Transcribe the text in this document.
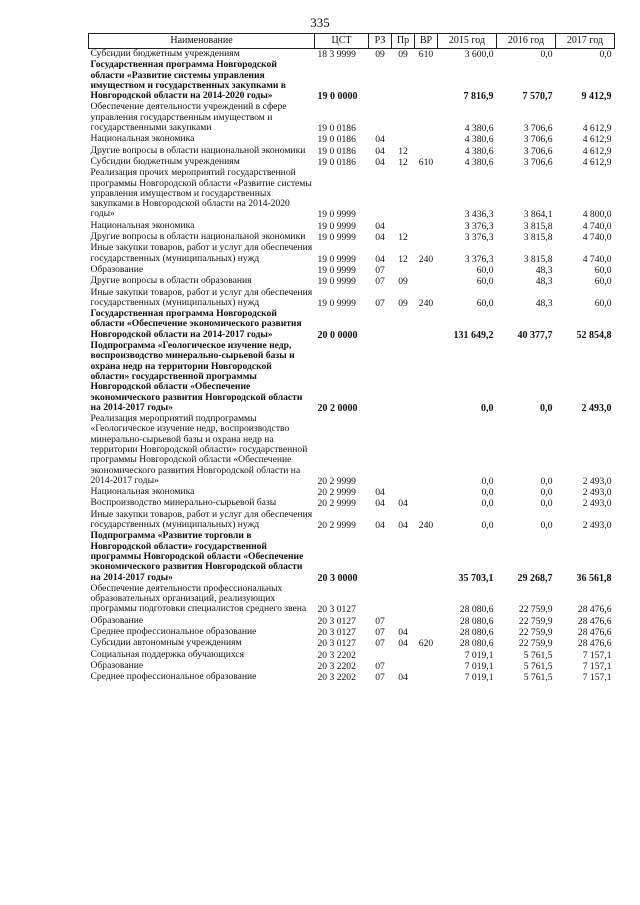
335
Наименование	ЦСТ	РЗ	Пр	ВР	2015 год	2016 год	2017 год
Субсидии бюджетным учреждениям	18 3 9999	09	09	610	3 600,0	0,0	0,0
Государственная программа Новгородской области «Развитие системы управления имуществом и государственных закупками в Новгородской области на 2014-2020 годы»	19 0 0000				7 816,9	7 570,7	9 412,9
Обеспечение деятельности учреждений в сфере управления государственным имуществом и государственными закупками	19 0 0186				4 380,6	3 706,6	4 612,9
Национальная экономика	19 0 0186	04			4 380,6	3 706,6	4 612,9
Другие вопросы в области национальной экономики	19 0 0186	04	12		4 380,6	3 706,6	4 612,9
Субсидии бюджетным учреждениям	19 0 0186	04	12	610	4 380,6	3 706,6	4 612,9
Реализация прочих мероприятий государственной программы Новгородской области «Развитие системы управления имуществом и государственных закупками в Новгородской области на 2014-2020 годы»	19 0 9999				3 436,3	3 864,1	4 800,0
Национальная экономика	19 0 9999	04			3 376,3	3 815,8	4 740,0
Другие вопросы в области национальной экономики	19 0 9999	04	12		3 376,3	3 815,8	4 740,0
Иные закупки товаров, работ и услуг для обеспечения государственных (муниципальных) нужд	19 0 9999	04	12	240	3 376,3	3 815,8	4 740,0
Образование	19 0 9999	07			60,0	48,3	60,0
Другие вопросы в области образования	19 0 9999	07	09		60,0	48,3	60,0
Иные закупки товаров, работ и услуг для обеспечения государственных (муниципальных) нужд	19 0 9999	07	09	240	60,0	48,3	60,0
Государственная программа Новгородской области «Обеспечение экономического развития Новгородской области на 2014-2017 годы»	20 0 0000				131 649,2	40 377,7	52 854,8
Подпрограмма «Геологическое изучение недр, воспроизводство минерально-сырьевой базы и охрана недр на территории Новгородской области» государственной программы Новгородской области «Обеспечение экономического развития Новгородской области на 2014-2017 годы»	20 2 0000				0,0	0,0	2 493,0
Реализация мероприятий подпрограммы «Геологическое изучение недр, воспроизводство минерально-сырьевой базы и охрана недр на территории Новгородской области» государственной программы Новгородской области «Обеспечение экономического развития Новгородской области на 2014-2017 годы»	20 2 9999				0,0	0,0	2 493,0
Национальная экономика	20 2 9999	04			0,0	0,0	2 493,0
Воспроизводство минерально-сырьевой базы	20 2 9999	04	04		0,0	0,0	2 493,0
Иные закупки товаров, работ и услуг для обеспечения государственных (муниципальных) нужд	20 2 9999	04	04	240	0,0	0,0	2 493,0
Подпрограмма «Развитие торговли в Новгородской области» государственной программы Новгородской области «Обеспечение экономического развития Новгородской области на 2014-2017 годы»	20 3 0000				35 703,1	29 268,7	36 561,8
Обеспечение деятельности профессиональных образовательных организаций, реализующих программы подготовки специалистов среднего звена	20 3 0127				28 080,6	22 759,9	28 476,6
Образование	20 3 0127	07			28 080,6	22 759,9	28 476,6
Среднее профессиональное образование	20 3 0127	07	04		28 080,6	22 759,9	28 476,6
Субсидии автономным учреждениям	20 3 0127	07	04	620	28 080,6	22 759,9	28 476,6
Социальная поддержка обучающихся	20 3 2202				7 019,1	5 761,5	7 157,1
Образование	20 3 2202	07			7 019,1	5 761,5	7 157,1
Среднее профессиональное образование	20 3 2202	07	04		7 019,1	5 761,5	7 157,1
